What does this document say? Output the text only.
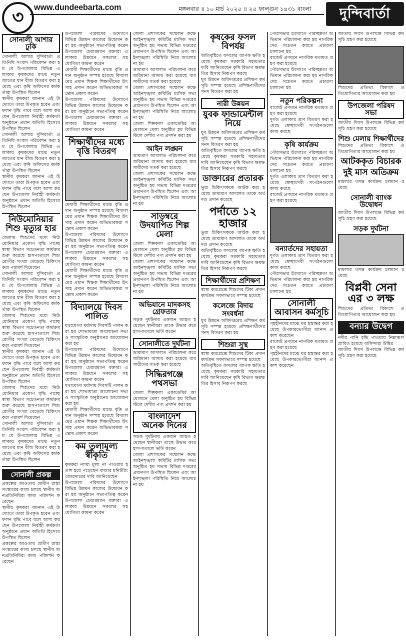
৩	www.dundeebarta.com	মঙ্গলবার ॥ ১০ মার্চ ২০২৫ ॥ ২৫ ফাল্গুন ১৪৩১ বাংলা	দুন্দিবার্তা
সোনালী আশার ঢুকি
সোনালী আশার দুন্দিবার্তা প্রতিনিধি সংবাদ পরিবেশন করা হয় যে উপজেলার বিভিন্ন এলাকায় কৃষকদের মাঝে নতুন জাতের ধান বীজ বিতরণ করা হয়েছে এবং কৃষি অফিসের কর্মকর্তারা উপস্থিত ছিলেন
স্থানীয় কৃষকরা জানান এই উদ্যোগে তারা উপকৃত হবেন এবং ফলন বৃদ্ধি পাবে বলে আশা করছেন উপজেলা নির্বাহী কর্মকর্তা অনুষ্ঠানে প্রধান অতিথি হিসেবে উপস্থিত ছিলেন
সোনালী আশার দুন্দিবার্তা প্রতিনিধি সংবাদ পরিবেশন করা হয় যে উপজেলার বিভিন্ন এলাকায় কৃষকদের মাঝে নতুন জাতের ধান বীজ বিতরণ করা হয়েছে এবং কৃষি অফিসের কর্মকর্তারা উপস্থিত ছিলেন
স্থানীয় কৃষকরা জানান এই উদ্যোগে তারা উপকৃত হবেন এবং ফলন বৃদ্ধি পাবে বলে আশা করছেন উপজেলা নির্বাহী কর্মকর্তা অনুষ্ঠানে প্রধান অতিথি হিসেবে উপস্থিত ছিলেন
নিউমোনিয়ার শিশু মৃত্যুর হার
জেলায় শিশুদের মধ্যে নিউমোনিয়ার প্রকোপ বৃদ্ধি পাচ্ছে স্বাস্থ্য বিভাগ সচেতনতা কার্যক্রম শুরু করেছে হাসপাতালে শিশু রোগীর সংখ্যা বেড়েছে চিকিৎসকরা পরামর্শ দিয়েছেন
সোনালী আশার দুন্দিবার্তা প্রতিনিধি সংবাদ পরিবেশন করা হয় যে উপজেলার বিভিন্ন এলাকায় কৃষকদের মাঝে নতুন জাতের ধান বীজ বিতরণ করা হয়েছে এবং কৃষি অফিসের কর্মকর্তারা উপস্থিত ছিলেন
জেলায় শিশুদের মধ্যে নিউমোনিয়ার প্রকোপ বৃদ্ধি পাচ্ছে স্বাস্থ্য বিভাগ সচেতনতা কার্যক্রম শুরু করেছে হাসপাতালে শিশু রোগীর সংখ্যা বেড়েছে চিকিৎসকরা পরামর্শ দিয়েছেন
স্থানীয় কৃষকরা জানান এই উদ্যোগে তারা উপকৃত হবেন এবং ফলন বৃদ্ধি পাবে বলে আশা করছেন উপজেলা নির্বাহী কর্মকর্তা অনুষ্ঠানে প্রধান অতিথি হিসেবে উপস্থিত ছিলেন
জেলায় শিশুদের মধ্যে নিউমোনিয়ার প্রকোপ বৃদ্ধি পাচ্ছে স্বাস্থ্য বিভাগ সচেতনতা কার্যক্রম শুরু করেছে হাসপাতালে শিশু রোগীর সংখ্যা বেড়েছে চিকিৎসকরা পরামর্শ দিয়েছেন
সোনালী আশার দুন্দিবার্তা প্রতিনিধি সংবাদ পরিবেশন করা হয় যে উপজেলার বিভিন্ন এলাকায় কৃষকদের মাঝে নতুন জাতের ধান বীজ বিতরণ করা হয়েছে এবং কৃষি অফিসের কর্মকর্তারা উপস্থিত ছিলেন
সোনালী প্রকল্প
প্রকল্পের আওতায় গ্রামীণ রাস্তা সংস্কারের কাজ চলছে স্থানীয় জনপ্রতিনিধিরা কাজ পরিদর্শন করেছেন
স্থানীয় কৃষকরা জানান এই উদ্যোগে তারা উপকৃত হবেন এবং ফলন বৃদ্ধি পাবে বলে আশা করছেন উপজেলা নির্বাহী কর্মকর্তা অনুষ্ঠানে প্রধান অতিথি হিসেবে উপস্থিত ছিলেন
প্রকল্পের আওতায় গ্রামীণ রাস্তা সংস্কারের কাজ চলছে স্থানীয় জনপ্রতিনিধিরা কাজ পরিদর্শন করেছেন
উপজেলা পরিষদের উদ্যোগে বিভিন্ন উন্নয়ন কাজের উদ্বোধন করা হয় অনুষ্ঠানে সভাপতিত্ব করেন উপজেলা চেয়ারম্যান বক্তারা এলাকার উন্নয়নে সকলের সহযোগিতা কামনা করেন
মেধাবী শিক্ষার্থীদের মাঝে বৃত্তি প্রদান অনুষ্ঠান সম্পন্ন হয়েছে বিদ্যালয়ের প্রধান শিক্ষক শিক্ষার্থীদের উৎসাহ প্রদান করেন অভিভাবকরা সন্তোষ প্রকাশ করেন
উপজেলা পরিষদের উদ্যোগে বিভিন্ন উন্নয়ন কাজের উদ্বোধন করা হয় অনুষ্ঠানে সভাপতিত্ব করেন উপজেলা চেয়ারম্যান বক্তারা এলাকার উন্নয়নে সকলের সহযোগিতা কামনা করেন
শিক্ষার্থীদের মধ্যে বৃত্তি বিতরণ
মেধাবী শিক্ষার্থীদের মাঝে বৃত্তি প্রদান অনুষ্ঠান সম্পন্ন হয়েছে বিদ্যালয়ের প্রধান শিক্ষক শিক্ষার্থীদের উৎসাহ প্রদান করেন অভিভাবকরা সন্তোষ প্রকাশ করেন
উপজেলা পরিষদের উদ্যোগে বিভিন্ন উন্নয়ন কাজের উদ্বোধন করা হয় অনুষ্ঠানে সভাপতিত্ব করেন উপজেলা চেয়ারম্যান বক্তারা এলাকার উন্নয়নে সকলের সহযোগিতা কামনা করেন
মেধাবী শিক্ষার্থীদের মাঝে বৃত্তি প্রদান অনুষ্ঠান সম্পন্ন হয়েছে বিদ্যালয়ের প্রধান শিক্ষক শিক্ষার্থীদের উৎসাহ প্রদান করেন অভিভাবকরা সন্তোষ প্রকাশ করেন
বিদ্যালয়ে দিবস পালিত
যথাযোগ্য মর্যাদায় দিবসটি পালন করা হয় শোভাযাত্রা আলোচনা সভা ও সাংস্কৃতিক অনুষ্ঠানের আয়োজন করা হয়
উপজেলা পরিষদের উদ্যোগে বিভিন্ন উন্নয়ন কাজের উদ্বোধন করা হয় অনুষ্ঠানে সভাপতিত্ব করেন উপজেলা চেয়ারম্যান বক্তারা এলাকার উন্নয়নে সকলের সহযোগিতা কামনা করেন
যথাযোগ্য মর্যাদায় দিবসটি পালন করা হয় শোভাযাত্রা আলোচনা সভা ও সাংস্কৃতিক অনুষ্ঠানের আয়োজন করা হয়
মেধাবী শিক্ষার্থীদের মাঝে বৃত্তি প্রদান অনুষ্ঠান সম্পন্ন হয়েছে বিদ্যালয়ের প্রধান শিক্ষক শিক্ষার্থীদের উৎসাহ প্রদান করেন অভিভাবকরা সন্তোষ প্রকাশ করেন
কম তুলামূল্য স্বীকৃতি
কৃষকরা ন্যায্য মূল্য না পাওয়ায় হতাশ হয়ে পড়েছেন বাজার মনিটরিং জোরদারের দাবি জানিয়েছেন
উপজেলা পরিষদের উদ্যোগে বিভিন্ন উন্নয়ন কাজের উদ্বোধন করা হয় অনুষ্ঠানে সভাপতিত্ব করেন উপজেলা চেয়ারম্যান বক্তারা এলাকার উন্নয়নে সকলের সহযোগিতা কামনা করেন
জেলা প্রশাসকের সম্মেলন কক্ষে আইনশৃঙ্খলা কমিটির মাসিক সভা অনুষ্ঠিত হয় সভায় বিভিন্ন দপ্তরের প্রধানগণ উপস্থিত ছিলেন এবং আইনশৃঙ্খলা পরিস্থিতি নিয়ে আলোচনা হয়
ভ্রাম্যমাণ আদালত পরিচালনা করে জরিমানা আদায় করা হয়েছে ব্যবসায়ীদের সতর্ক করা হয়েছে
জেলা প্রশাসকের সম্মেলন কক্ষে আইনশৃঙ্খলা কমিটির মাসিক সভা অনুষ্ঠিত হয় সভায় বিভিন্ন দপ্তরের প্রধানগণ উপস্থিত ছিলেন এবং আইনশৃঙ্খলা পরিস্থিতি নিয়ে আলোচনা হয়
জেলা শিল্পকলা একাডেমির আয়োজনে মেলা অনুষ্ঠিত হয় বিভিন্ন স্টলে দেশীয় পণ্য প্রদর্শন করা হয়
আইন লঙ্ঘন
ভ্রাম্যমাণ আদালত পরিচালনা করে জরিমানা আদায় করা হয়েছে ব্যবসায়ীদের সতর্ক করা হয়েছে
জেলা প্রশাসকের সম্মেলন কক্ষে আইনশৃঙ্খলা কমিটির মাসিক সভা অনুষ্ঠিত হয় সভায় বিভিন্ন দপ্তরের প্রধানগণ উপস্থিত ছিলেন এবং আইনশৃঙ্খলা পরিস্থিতি নিয়ে আলোচনা হয়
সাড়ম্বরে উদযাপিত শিল্প মেলা
জেলা শিল্পকলা একাডেমির আয়োজনে মেলা অনুষ্ঠিত হয় বিভিন্ন স্টলে দেশীয় পণ্য প্রদর্শন করা হয়
জেলা প্রশাসকের সম্মেলন কক্ষে আইনশৃঙ্খলা কমিটির মাসিক সভা অনুষ্ঠিত হয় সভায় বিভিন্ন দপ্তরের প্রধানগণ উপস্থিত ছিলেন এবং আইনশৃঙ্খলা পরিস্থিতি নিয়ে আলোচনা হয়
অভিযানে মাদকসহ গ্রেফতার
সড়ক দুর্ঘটনায় একজন আহত হয়েছেন স্থানীয়রা তাকে উদ্ধার করে হাসপাতালে ভর্তি করেন
সোনালীতে দুর্ঘটনা
ভ্রাম্যমাণ আদালত পরিচালনা করে জরিমানা আদায় করা হয়েছে ব্যবসায়ীদের সতর্ক করা হয়েছে
সিদ্ধিরগঞ্জে পথসভা
জেলা শিল্পকলা একাডেমির আয়োজনে মেলা অনুষ্ঠিত হয় বিভিন্ন স্টলে দেশীয় পণ্য প্রদর্শন করা হয়
বাংলাদেশ অনেক দিনের
সড়ক দুর্ঘটনায় একজন আহত হয়েছেন স্থানীয়রা তাকে উদ্ধার করে হাসপাতালে ভর্তি করেন
জেলা প্রশাসকের সম্মেলন কক্ষে আইনশৃঙ্খলা কমিটির মাসিক সভা অনুষ্ঠিত হয় সভায় বিভিন্ন দপ্তরের প্রধানগণ উপস্থিত ছিলেন এবং আইনশৃঙ্খলা পরিস্থিতি নিয়ে আলোচনা হয়
কৃষকের ফসল বিপর্যয়
অতিবৃষ্টিতে ফসলের ব্যাপক ক্ষতি হয়েছে কৃষকরা সরকারি সহায়তার দাবি জানিয়েছেন কৃষি বিভাগ ক্ষয়ক্ষতির হিসাব নিরূপণ করছে
যুব উন্নয়ন অধিদপ্তরের প্রশিক্ষণ কর্মসূচি সম্পন্ন হয়েছে প্রশিক্ষণার্থীদের সনদ বিতরণ করা হয়
নারী উন্নয়ন
যুবক ফান্ডামেন্টাল নিয়ে
যুব উন্নয়ন অধিদপ্তরের প্রশিক্ষণ কর্মসূচি সম্পন্ন হয়েছে প্রশিক্ষণার্থীদের সনদ বিতরণ করা হয়
অতিবৃষ্টিতে ফসলের ব্যাপক ক্ষতি হয়েছে কৃষকরা সরকারি সহায়তার দাবি জানিয়েছেন কৃষি বিভাগ ক্ষয়ক্ষতির হিসাব নিরূপণ করছে
ডাক্তারের প্রতারক
ভুয়া চিকিৎসককে আটক করা হয়েছে ভ্রাম্যমাণ আদালত তাকে অর্থদণ্ড প্রদান করেছে
পর্দাতে ১২ হাজার
ভুয়া চিকিৎসককে আটক করা হয়েছে ভ্রাম্যমাণ আদালত তাকে অর্থদণ্ড প্রদান করেছে
অতিবৃষ্টিতে ফসলের ব্যাপক ক্ষতি হয়েছে কৃষকরা সরকারি সহায়তার দাবি জানিয়েছেন কৃষি বিভাগ ক্ষয়ক্ষতির হিসাব নিরূপণ করছে
শিক্ষার্থীদের প্রশিক্ষণ
স্বাস্থ্য কমপ্লেক্সে শিশুদের টিকা প্রদান কার্যক্রম সফলভাবে সম্পন্ন হয়েছে
কলেজে বিদায় সংবর্ধনা
যুব উন্নয়ন অধিদপ্তরের প্রশিক্ষণ কর্মসূচি সম্পন্ন হয়েছে প্রশিক্ষণার্থীদের সনদ বিতরণ করা হয়
শিশুরা সুস্থ
স্বাস্থ্য কমপ্লেক্সে শিশুদের টিকা প্রদান কার্যক্রম সফলভাবে সম্পন্ন হয়েছে
অতিবৃষ্টিতে ফসলের ব্যাপক ক্ষতি হয়েছে কৃষকরা সরকারি সহায়তার দাবি জানিয়েছেন কৃষি বিভাগ ক্ষয়ক্ষতির হিসাব নিরূপণ করছে
পৌরসভার উদ্যোগে পরিচ্ছন্নতা অভিযান পরিচালনা করা হয় নাগরিকদের সচেতন করতে প্রচারণা চালানো হয়
বাজেট প্রণয়নে নাগরিক মতামত গ্রহণ করা হয়েছে
পৌরসভার উদ্যোগে পরিচ্ছন্নতা অভিযান পরিচালনা করা হয় নাগরিকদের সচেতন করতে প্রচারণা চালানো হয়
নতুন পরিকল্পনা
বাজেট প্রণয়নে নাগরিক মতামত গ্রহণ করা হয়েছে
দুর্গত এলাকায় ত্রাণ বিতরণ করা হয়েছে স্বেচ্ছাসেবী সংগঠনগুলো কাজ করছে
কৃষি কার্যক্রম
পৌরসভার উদ্যোগে পরিচ্ছন্নতা অভিযান পরিচালনা করা হয় নাগরিকদের সচেতন করতে প্রচারণা চালানো হয়
দুর্গত এলাকায় ত্রাণ বিতরণ করা হয়েছে স্বেচ্ছাসেবী সংগঠনগুলো কাজ করছে
বাজেট প্রণয়নে নাগরিক মতামত গ্রহণ করা হয়েছে
বন্যার্তদের সহায়তা
দুর্গত এলাকায় ত্রাণ বিতরণ করা হয়েছে স্বেচ্ছাসেবী সংগঠনগুলো কাজ করছে
পৌরসভার উদ্যোগে পরিচ্ছন্নতা অভিযান পরিচালনা করা হয় নাগরিকদের সচেতন করতে প্রচারণা চালানো হয়
সোনালী আবাসন কর্মসূচি
গৃহহীনদের মাঝে ঘর হস্তান্তর করা হয়েছে উপকারভোগীরা আনন্দ প্রকাশ করেছেন
বাজেট প্রণয়নে নাগরিক মতামত গ্রহণ করা হয়েছে
গৃহহীনদের মাঝে ঘর হস্তান্তর করা হয়েছে উপকারভোগীরা আনন্দ প্রকাশ করেছেন
জাতীয় দিবস উপলক্ষে বিভিন্ন কর্মসূচি গ্রহণ করা হয়েছে
শিশুদের প্রতিভা বিকাশে প্রতিযোগিতার আয়োজন করা হয়
উপজেলা পরিষদ সভা
জাতীয় দিবস উপলক্ষে বিভিন্ন কর্মসূচি গ্রহণ করা হয়েছে
শিশু মেলায় শিক্ষার্থীদের
শিশুদের প্রতিভা বিকাশে প্রতিযোগিতার আয়োজন করা হয়
আটককৃত বিচারক
দুই মাস অতিক্রম
মামলার তদন্ত কার্যক্রম চলমান রয়েছে
সোনালী ব্যাংক উদ্বোধন
জাতীয় দিবস উপলক্ষে বিভিন্ন কর্মসূচি গ্রহণ করা হয়েছে
সড়ক দুর্ঘটনা
মামলার তদন্ত কার্যক্রম চলমান রয়েছে
বিপ্লবী সেনা এর ৩ লক্ষ
শিশুদের প্রতিভা বিকাশে প্রতিযোগিতার আয়োজন করা হয়
বন্যার উদ্বেগ
নদীর পানি বৃদ্ধি পাওয়ায় নিম্নাঞ্চল প্লাবিত হয়েছে বাসিন্দারা উদ্বিগ্ন
জাতীয় দিবস উপলক্ষে বিভিন্ন কর্মসূচি গ্রহণ করা হয়েছে
